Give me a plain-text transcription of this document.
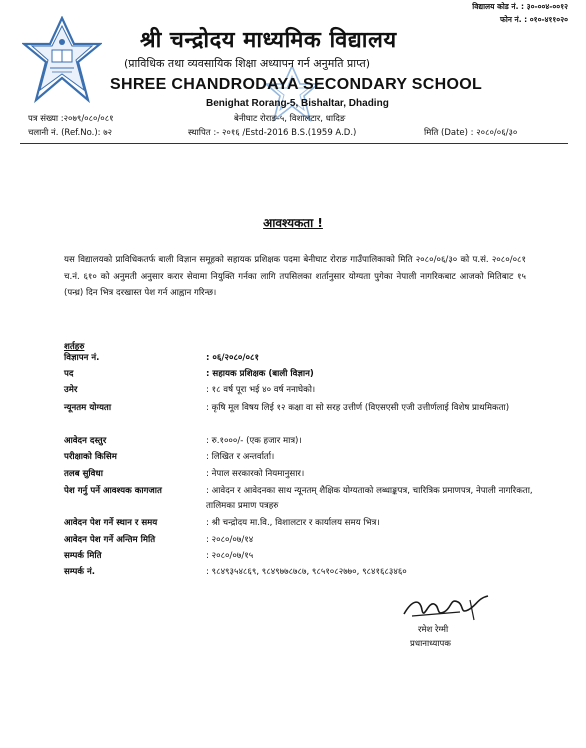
विद्यालय कोड नं. : ३०-००४-००१२
फोन नं. : ०१०-४११०२०
श्री चन्द्रोदय माध्यमिक विद्यालय
(प्राविधिक तथा व्यवसायिक शिक्षा अध्यापन गर्न अनुमति प्राप्त)
SHREE CHANDRODAYA SECONDARY SCHOOL
Benighat Rorang-5, Bishaltar, Dhading
पत्र संख्या :२०७९/०८०/०८१	बेनीघाट रोराङ-५, विशालटार, धादिङ
चलानी नं. (Ref.No.): ७२	स्थापित :- २०१६ /Estd-2016 B.S.(1959 A.D.)	मिति (Date) : २०८०/०६/३०
आवश्यकता !
यस विद्यालयको प्राविधिकतर्फ बाली विज्ञान समूहको सहायक प्रशिक्षक पदमा बेनीघाट रोराङ गाउँपालिकाको मिति २०८०/०६/३० को प.सं. २०८०/०८१ च.नं. ६१० को अनुमती अनुसार करार सेवामा नियुक्ति गर्नका लागि तपसिलका शर्तानुसार योग्यता पुगेका नेपाली नागरिकबाट आजको मितिबाट १५ (पन्ध्र) दिन भित्र दरखास्त पेश गर्न आह्वान गरिन्छ।
शर्तहरु
विज्ञापन नं.	: ०६/२०८०/०८१
पद	: सहायक प्रशिक्षक (बाली विज्ञान)
उमेर	: १८ वर्ष पूरा भई ४० वर्ष ननाघेको।
न्यूनतम योग्यता	: कृषि मूल विषय लिई १२ कक्षा वा सो सरह उत्तीर्ण (विएसएसी एजी उत्तीर्णलाई विशेष प्राथमिकता)
आवेदन दस्तुर	: रु.१०००/- (एक हजार मात्र)।
परीक्षाको किसिम	: लिखित र अन्तर्वार्ता।
तलब सुविधा	: नेपाल सरकारको नियमानुसार।
पेश गर्नु पर्ने आवश्यक कागजात	: आवेदन र आवेदनका साथ न्यूनतम् शैक्षिक योग्यताको लब्धाङ्कपत्र, चारित्रिक प्रमाणपत्र, नेपाली नागरिकता, तालिमका प्रमाण पत्रहरु
आवेदन पेश गर्ने स्थान र समय	: श्री चन्द्रोदय मा.वि., विशालटार र कार्यालय समय भित्र।
आवेदन पेश गर्ने अन्तिम मिति	: २०८०/०७/१४
सम्पर्क मिति	: २०८०/०७/१५
सम्पर्क नं.	: ९८४९३५४८६९, ९८४९७७८७८७, ९८५१०८२७७०, ९८४१६८३४६०
रमेश रेग्मी
प्रधानाध्यापक
